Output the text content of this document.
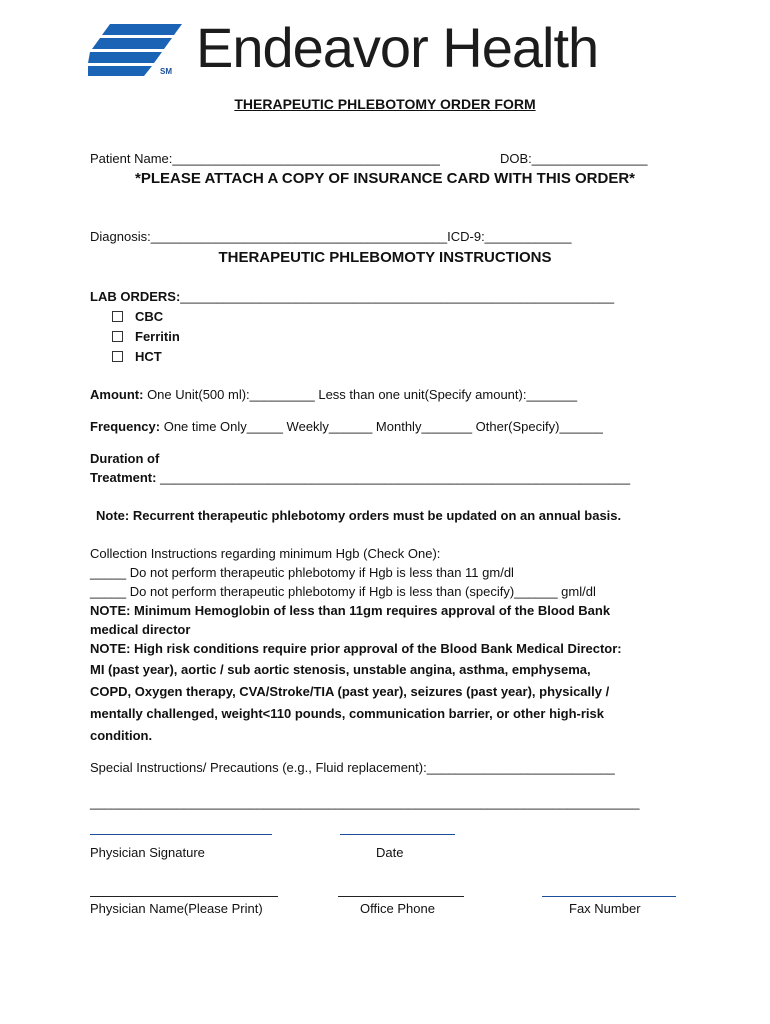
SM Endeavor Health
THERAPEUTIC PHLEBOTOMY ORDER FORM
Patient Name:_____________________________________	DOB:________________
*PLEASE ATTACH A COPY OF INSURANCE CARD WITH THIS ORDER*
Diagnosis:_________________________________________ICD-9:____________
THERAPEUTIC PHLEBOMOTY INSTRUCTIONS
LAB ORDERS:____________________________________________________________
CBC
Ferritin
HCT
Amount: One Unit(500 ml):_________ Less than one unit(Specify amount):_______
Frequency: One time Only_____ Weekly______ Monthly_______ Other(Specify)______
Duration of
Treatment: _________________________________________________________________
Note: Recurrent therapeutic phlebotomy orders must be updated on an annual basis.
Collection Instructions regarding minimum Hgb (Check One):
_____ Do not perform therapeutic phlebotomy if Hgb is less than 11 gm/dl
_____ Do not perform therapeutic phlebotomy if Hgb is less than (specify)______ gml/dl
NOTE: Minimum Hemoglobin of less than 11gm requires approval of the Blood Bank
medical director
NOTE: High risk conditions require prior approval of the Blood Bank Medical Director:
MI (past year), aortic / sub aortic stenosis, unstable angina, asthma, emphysema,
COPD, Oxygen therapy, CVA/Stroke/TIA (past year), seizures (past year), physically /
mentally challenged, weight<110 pounds, communication barrier, or other high-risk
condition.
Special Instructions/ Precautions (e.g., Fluid replacement):__________________________
____________________________________________________________________________
Physician Signature	Date
Physician Name(Please Print)	Office Phone	Fax Number
